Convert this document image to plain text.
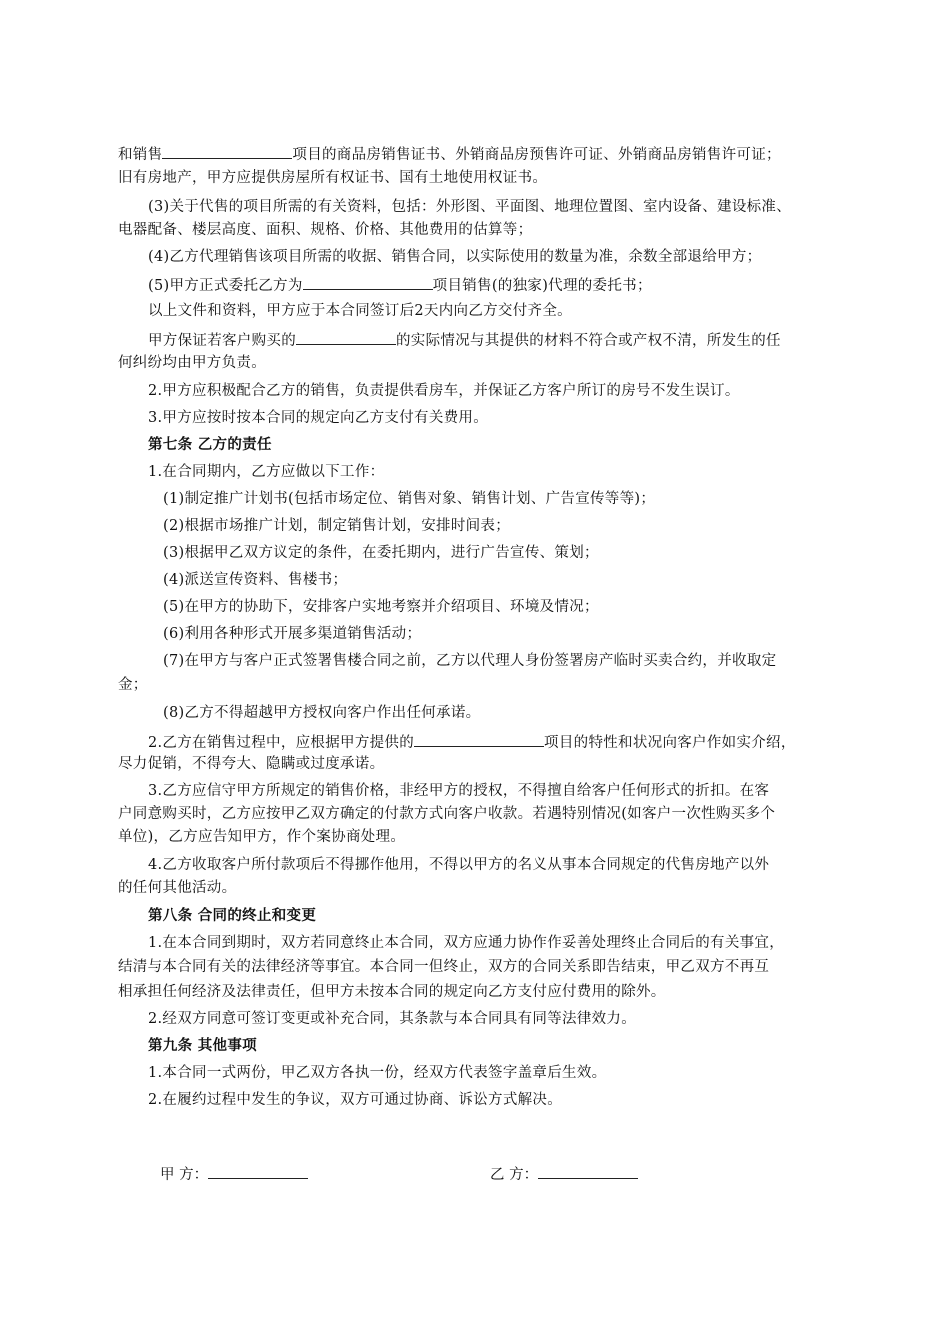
和销售	项目的商品房销售证书、外销商品房预售许可证、外销商品房销售许可证；
旧有房地产，甲方应提供房屋所有权证书、国有土地使用权证书。
(3)关于代售的项目所需的有关资料，包括：外形图、平面图、地理位置图、室内设备、建设标准、
电器配备、楼层高度、面积、规格、价格、其他费用的估算等；
(4)乙方代理销售该项目所需的收据、销售合同，以实际使用的数量为准，余数全部退给甲方；
(5)甲方正式委托乙方为	项目销售(的独家)代理的委托书；
以上文件和资料，甲方应于本合同签订后2天内向乙方交付齐全。
甲方保证若客户购买的	的实际情况与其提供的材料不符合或产权不清，所发生的任
何纠纷均由甲方负责。
2.甲方应积极配合乙方的销售，负责提供看房车，并保证乙方客户所订的房号不发生误订。
3.甲方应按时按本合同的规定向乙方支付有关费用。
第七条 乙方的责任
1.在合同期内，乙方应做以下工作：
(1)制定推广计划书(包括市场定位、销售对象、销售计划、广告宣传等等)；
(2)根据市场推广计划，制定销售计划，安排时间表；
(3)根据甲乙双方议定的条件，在委托期内，进行广告宣传、策划；
(4)派送宣传资料、售楼书；
(5)在甲方的协助下，安排客户实地考察并介绍项目、环境及情况；
(6)利用各种形式开展多渠道销售活动；
(7)在甲方与客户正式签署售楼合同之前，乙方以代理人身份签署房产临时买卖合约，并收取定
金；
(8)乙方不得超越甲方授权向客户作出任何承诺。
2.乙方在销售过程中，应根据甲方提供的	项目的特性和状况向客户作如实介绍，
尽力促销，不得夸大、隐瞒或过度承诺。
3.乙方应信守甲方所规定的销售价格，非经甲方的授权，不得擅自给客户任何形式的折扣。在客
户同意购买时，乙方应按甲乙双方确定的付款方式向客户收款。若遇特别情况(如客户一次性购买多个
单位)，乙方应告知甲方，作个案协商处理。
4.乙方收取客户所付款项后不得挪作他用，不得以甲方的名义从事本合同规定的代售房地产以外
的任何其他活动。
第八条 合同的终止和变更
1.在本合同到期时，双方若同意终止本合同，双方应通力协作作妥善处理终止合同后的有关事宜，
结清与本合同有关的法律经济等事宜。本合同一但终止，双方的合同关系即告结束，甲乙双方不再互
相承担任何经济及法律责任，但甲方未按本合同的规定向乙方支付应付费用的除外。
2.经双方同意可签订变更或补充合同，其条款与本合同具有同等法律效力。
第九条 其他事项
1.本合同一式两份，甲乙双方各执一份，经双方代表签字盖章后生效。
2.在履约过程中发生的争议，双方可通过协商、诉讼方式解决。
甲 方：	乙 方：
